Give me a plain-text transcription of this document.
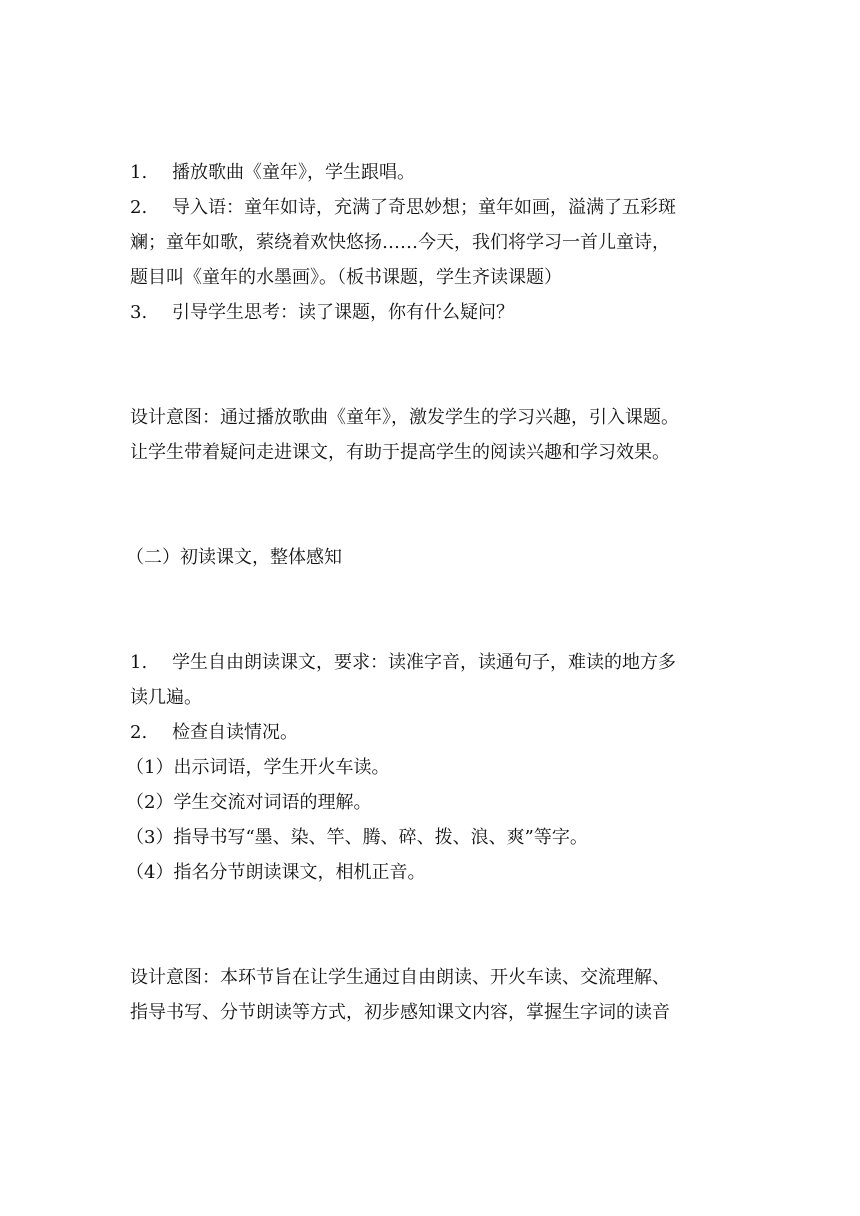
1. 播放歌曲《童年》，学生跟唱。

2. 导入语：童年如诗，充满了奇思妙想；童年如画，溢满了五彩斑

斓；童年如歌，萦绕着欢快悠扬……今天，我们将学习一首儿童诗，

题目叫《童年的水墨画》。（板书课题，学生齐读课题）

3. 引导学生思考：读了课题，你有什么疑问？

设计意图：通过播放歌曲《童年》，激发学生的学习兴趣，引入课题。

让学生带着疑问走进课文，有助于提高学生的阅读兴趣和学习效果。

（二）初读课文，整体感知

1. 学生自由朗读课文，要求：读准字音，读通句子，难读的地方多

读几遍。

2. 检查自读情况。

（1）出示词语，学生开火车读。

（2）学生交流对词语的理解。

（3）指导书写“墨、染、竿、腾、碎、拨、浪、爽”等字。

（4）指名分节朗读课文，相机正音。

设计意图：本环节旨在让学生通过自由朗读、开火车读、交流理解、

指导书写、分节朗读等方式，初步感知课文内容，掌握生字词的读音
